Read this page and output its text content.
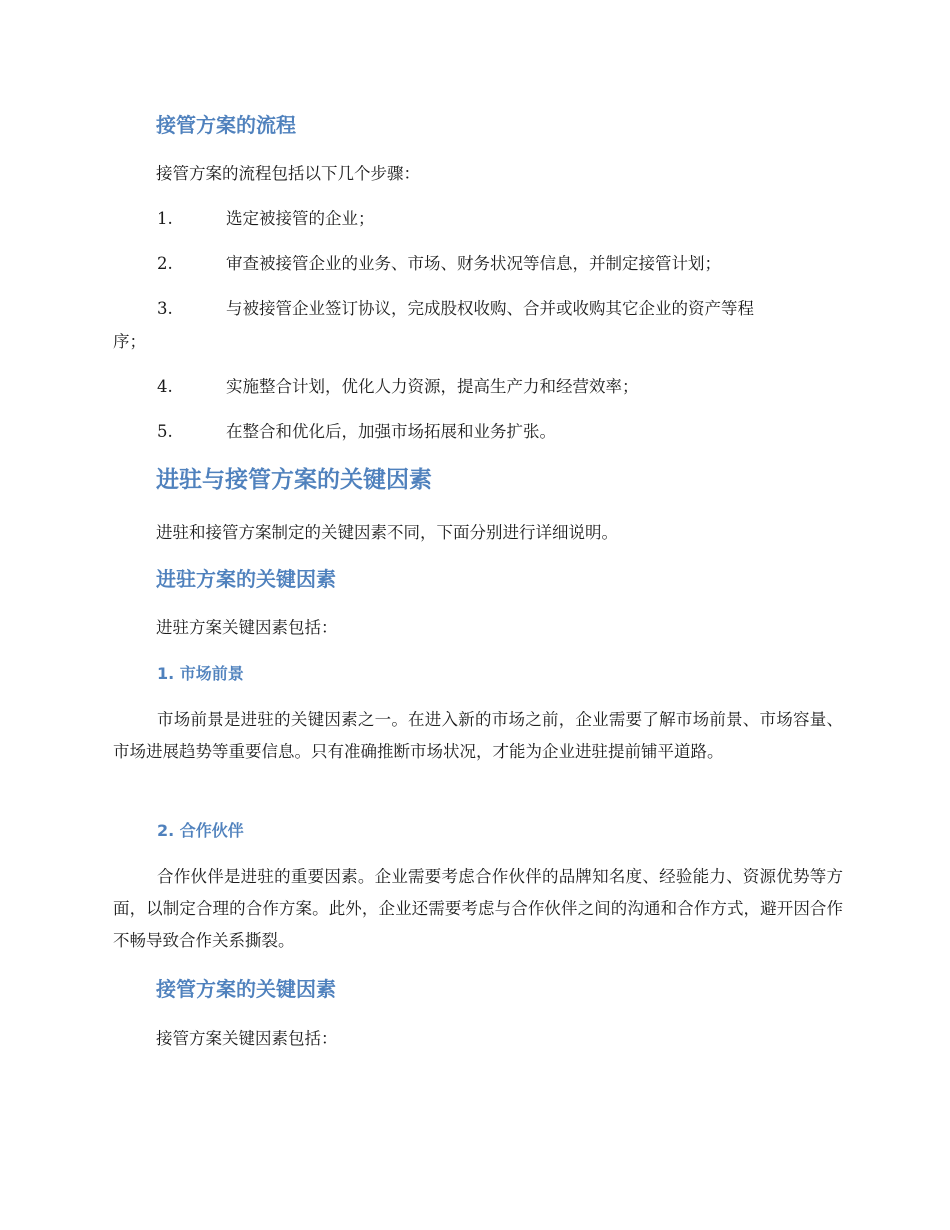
接管方案的流程
接管方案的流程包括以下几个步骤：
1.	选定被接管的企业；
2.	审查被接管企业的业务、市场、财务状况等信息，并制定接管计划；
3.	与被接管企业签订协议，完成股权收购、合并或收购其它企业的资产等程
序；
4.	实施整合计划，优化人力资源，提高生产力和经营效率；
5.	在整合和优化后，加强市场拓展和业务扩张。
进驻与接管方案的关键因素
进驻和接管方案制定的关键因素不同，下面分别进行详细说明。
进驻方案的关键因素
进驻方案关键因素包括：
1. 市场前景
市场前景是进驻的关键因素之一。在进入新的市场之前，企业需要了解市场前景、市场容量、市场进展趋势等重要信息。只有准确推断市场状况，才能为企业进驻提前铺平道路。
2. 合作伙伴
合作伙伴是进驻的重要因素。企业需要考虑合作伙伴的品牌知名度、经验能力、资源优势等方面，以制定合理的合作方案。此外，企业还需要考虑与合作伙伴之间的沟通和合作方式，避开因合作不畅导致合作关系撕裂。
接管方案的关键因素
接管方案关键因素包括：
